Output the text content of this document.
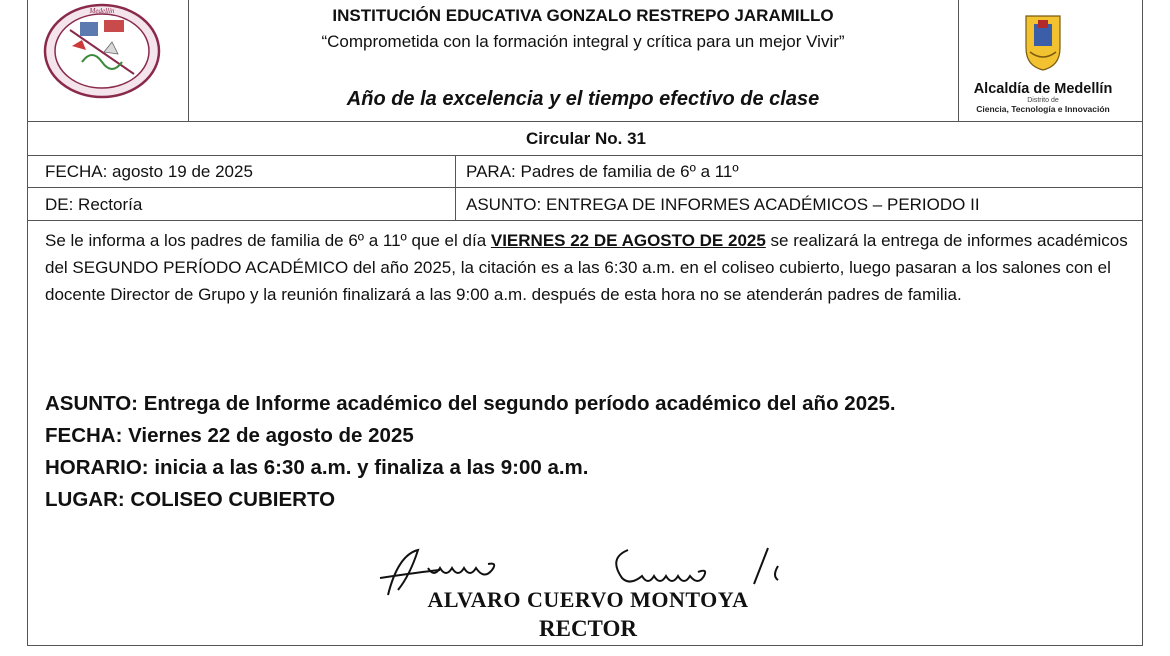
Medellín	INSTITUCIÓN EDUCATIVA GONZALO RESTREPO JARAMILLO
“Comprometida con la formación integral y crítica para un mejor Vivir”
Año de la excelencia y el tiempo efectivo de clase	Alcaldía de Medellín
Distrito de
Ciencia, Tecnología e Innovación
Circular No. 31
FECHA: agosto 19 de 2025	PARA: Padres de familia de 6º a 11º
DE: Rectoría	ASUNTO: ENTREGA DE INFORMES ACADÉMICOS – PERIODO II
Se le informa a los padres de familia de 6º a 11º que el día VIERNES 22 DE AGOSTO DE 2025 se realizará la entrega de informes académicos del SEGUNDO PERÍODO ACADÉMICO del año 2025, la citación es a las 6:30 a.m. en el coliseo cubierto, luego pasaran a los salones con el docente Director de Grupo y la reunión finalizará a las 9:00 a.m. después de esta hora no se atenderán padres de familia.
ASUNTO: Entrega de Informe académico del segundo período académico del año 2025.
FECHA: Viernes 22 de agosto de 2025
HORARIO: inicia a las 6:30 a.m. y finaliza a las 9:00 a.m.
LUGAR: COLISEO CUBIERTO
ALVARO CUERVO MONTOYA
RECTOR
